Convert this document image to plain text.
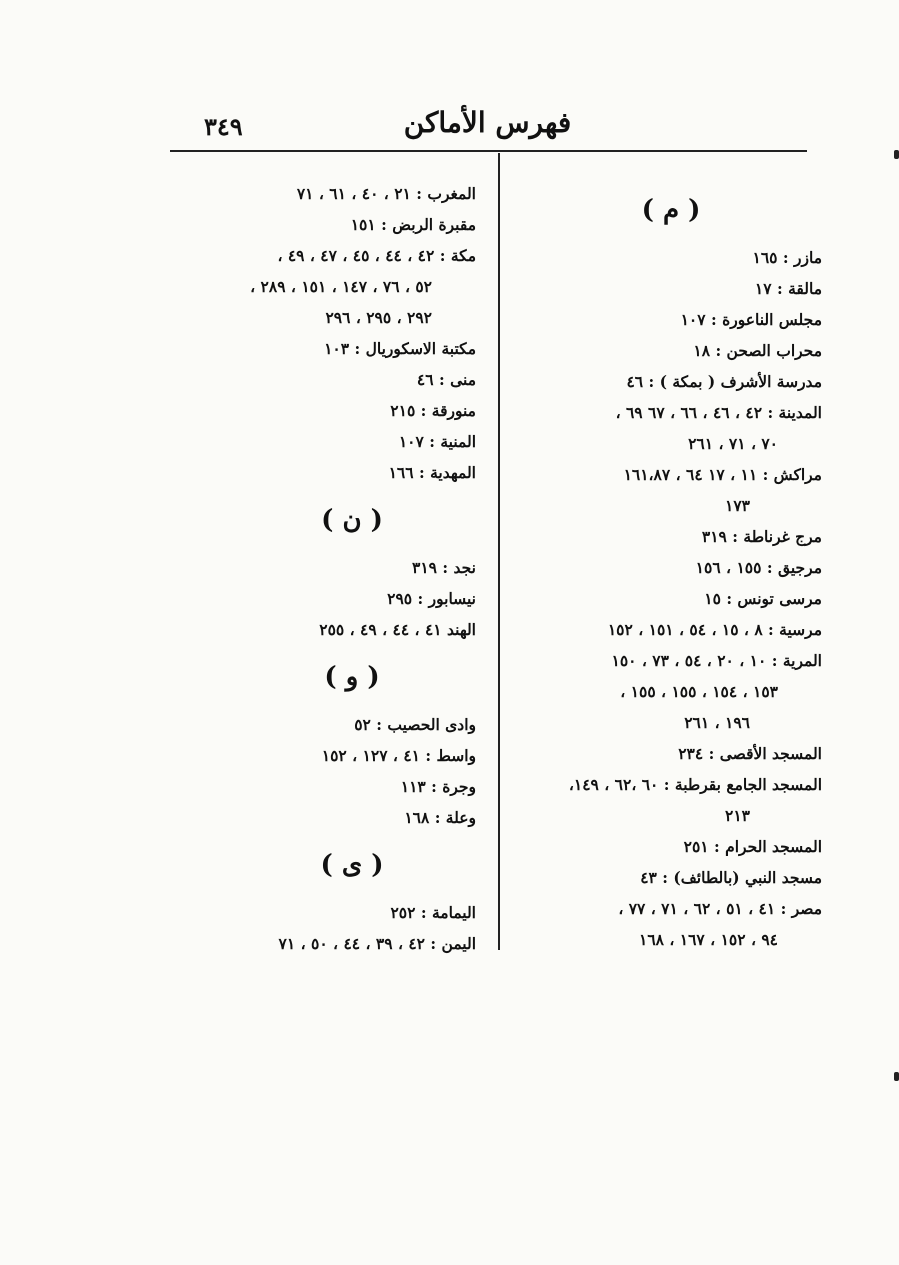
٣٤٩	فهرس الأماكن
( م )
مازر : ١٦٥
مالقة : ١٧
مجلس الناعورة : ١٠٧
محراب الصحن : ١٨
مدرسة الأشرف ( بمكة ) : ٤٦
المدينة : ٤٢ ، ٤٦ ، ٦٦ ، ٦٧ ٦٩ ،
٧٠ ، ٧١ ، ٢٦١
مراكش : ١١ ، ١٧ ٦٤ ، ١٦١،٨٧
١٧٣
مرج غرناطة : ٣١٩
مرجيق : ١٥٥ ، ١٥٦
مرسى تونس : ١٥
مرسية : ٨ ، ١٥ ، ٥٤ ، ١٥١ ، ١٥٢
المرية : ١٠ ، ٢٠ ، ٥٤ ، ٧٣ ، ١٥٠
١٥٣ ، ١٥٤ ، ١٥٥ ، ١٥٥ ،
١٩٦ ، ٢٦١
المسجد الأقصى : ٢٣٤
المسجد الجامع بقرطبة : ٦٠ ،٦٢ ، ١٤٩،
٢١٣
المسجد الحرام : ٢٥١
مسجد النبي (بالطائف) : ٤٣
مصر : ٤١ ، ٥١ ، ٦٢ ، ٧١ ، ٧٧ ،
٩٤ ، ١٥٢ ، ١٦٧ ، ١٦٨
المغرب : ٢١ ، ٤٠ ، ٦١ ، ٧١
مقبرة الربض : ١٥١
مكة : ٤٢ ، ٤٤ ، ٤٥ ، ٤٧ ، ٤٩ ،
٥٢ ، ٧٦ ، ١٤٧ ، ١٥١ ، ٢٨٩ ،
٢٩٢ ، ٢٩٥ ، ٢٩٦
مكتبة الاسكوريال : ١٠٣
منى : ٤٦
منورقة : ٢١٥
المنية : ١٠٧
المهدية : ١٦٦
( ن )
نجد : ٣١٩
نيسابور : ٢٩٥
الهند ٤١ ، ٤٤ ، ٤٩ ، ٢٥٥
( و )
وادى الحصيب : ٥٢
واسط : ٤١ ، ١٢٧ ، ١٥٢
وجرة : ١١٣
وعلة : ١٦٨
( ى )
اليمامة : ٢٥٢
اليمن : ٤٢ ، ٣٩ ، ٤٤ ، ٥٠ ، ٧١
